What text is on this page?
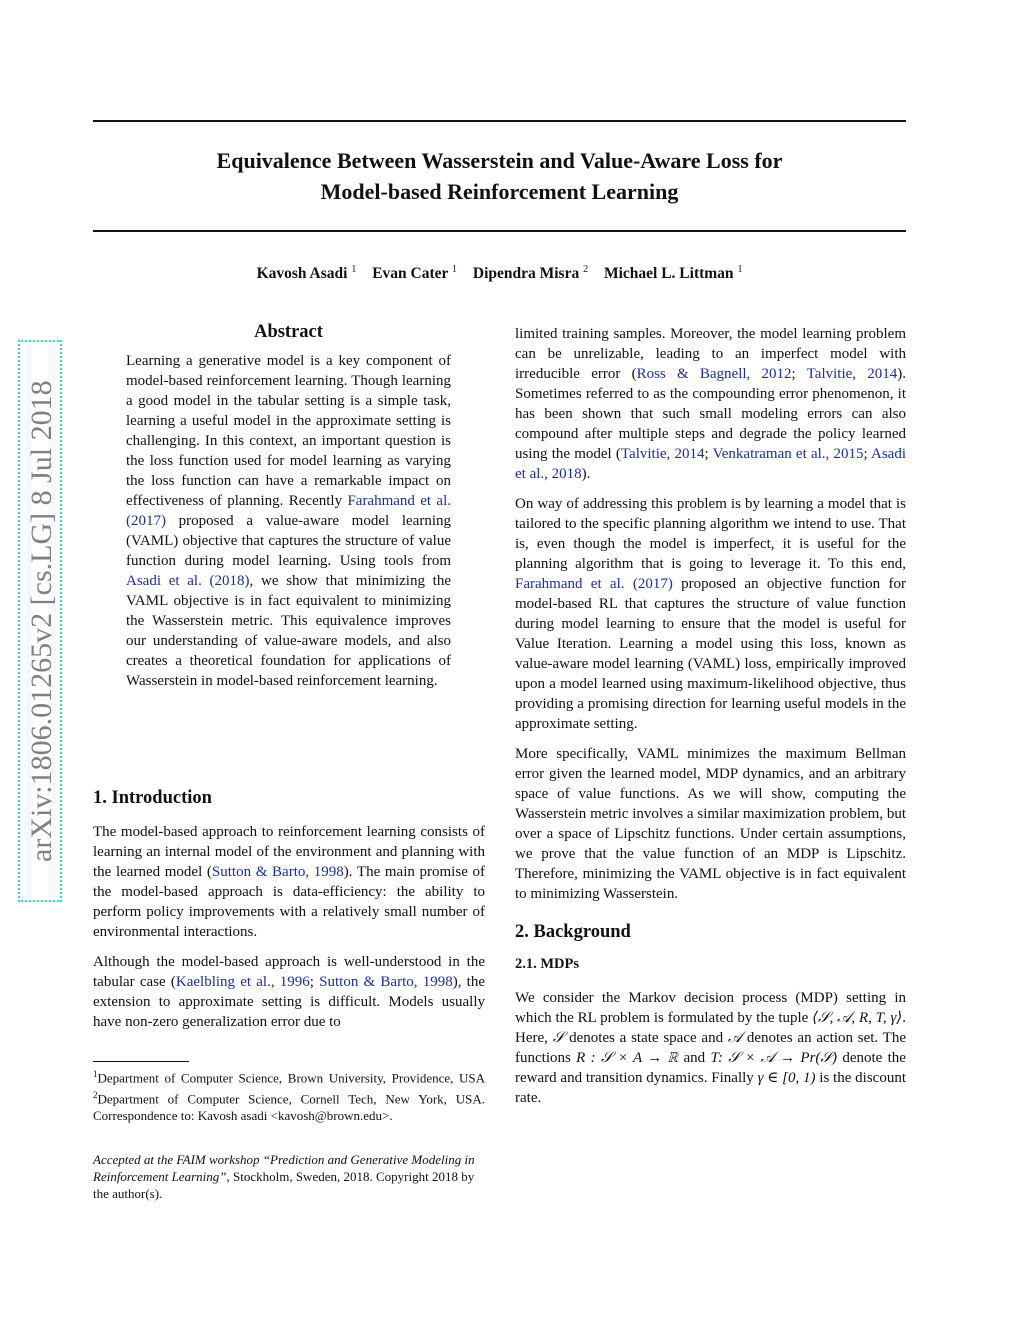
Equivalence Between Wasserstein and Value-Aware Loss for
Model-based Reinforcement Learning
Kavosh Asadi $^1$ Evan Cater $^1$ Dipendra Misra $^2$ Michael L. Littman $^1$
arXiv:1806.01265v2 [cs.LG] 8 Jul 2018
Abstract
Learning a generative model is a key component of model-based reinforcement learning. Though learning a good model in the tabular setting is a simple task, learning a useful model in the approximate setting is challenging. In this context, an important question is the loss function used for model learning as varying the loss function can have a remarkable impact on effectiveness of planning. Recently Farahmand et al. (2017) proposed a value-aware model learning (VAML) objective that captures the structure of value function during model learning. Using tools from Asadi et al. (2018), we show that minimizing the VAML objective is in fact equivalent to minimizing the Wasserstein metric. This equivalence improves our understanding of value-aware models, and also creates a theoretical foundation for applications of Wasserstein in model-based reinforcement learning.
1. Introduction

The model-based approach to reinforcement learning consists of learning an internal model of the environment and planning with the learned model (Sutton & Barto, 1998). The main promise of the model-based approach is data-efficiency: the ability to perform policy improvements with a relatively small number of environmental interactions.

Although the model-based approach is well-understood in the tabular case (Kaelbling et al., 1996; Sutton & Barto, 1998), the extension to approximate setting is difficult. Models usually have non-zero generalization error due to

$^1$Department of Computer Science, Brown University, Providence, USA $^2$Department of Computer Science, Cornell Tech, New York, USA. Correspondence to: Kavosh asadi <kavosh@brown.edu>.
Accepted at the FAIM workshop “Prediction and Generative Modeling in Reinforcement Learning”, Stockholm, Sweden, 2018. Copyright 2018 by the author(s).

limited training samples. Moreover, the model learning problem can be unrelizable, leading to an imperfect model with irreducible error (Ross & Bagnell, 2012; Talvitie, 2014). Sometimes referred to as the compounding error phenomenon, it has been shown that such small modeling errors can also compound after multiple steps and degrade the policy learned using the model (Talvitie, 2014; Venkatraman et al., 2015; Asadi et al., 2018).

On way of addressing this problem is by learning a model that is tailored to the specific planning algorithm we intend to use. That is, even though the model is imperfect, it is useful for the planning algorithm that is going to leverage it. To this end, Farahmand et al. (2017) proposed an objective function for model-based RL that captures the structure of value function during model learning to ensure that the model is useful for Value Iteration. Learning a model using this loss, known as value-aware model learning (VAML) loss, empirically improved upon a model learned using maximum-likelihood objective, thus providing a promising direction for learning useful models in the approximate setting.

More specifically, VAML minimizes the maximum Bellman error given the learned model, MDP dynamics, and an arbitrary space of value functions. As we will show, computing the Wasserstein metric involves a similar maximization problem, but over a space of Lipschitz functions. Under certain assumptions, we prove that the value function of an MDP is Lipschitz. Therefore, minimizing the VAML objective is in fact equivalent to minimizing Wasserstein.

2. Background
2.1. MDPs

We consider the Markov decision process (MDP) setting in which the RL problem is formulated by the tuple ⟨𝒮, 𝒜, R, T, γ⟩. Here, 𝒮 denotes a state space and 𝒜 denotes an action set. The functions R : 𝒮 × A → ℝ and T: 𝒮 × 𝒜 → Pr(𝒮) denote the reward and transition dynamics. Finally γ ∈ [0, 1) is the discount rate.
